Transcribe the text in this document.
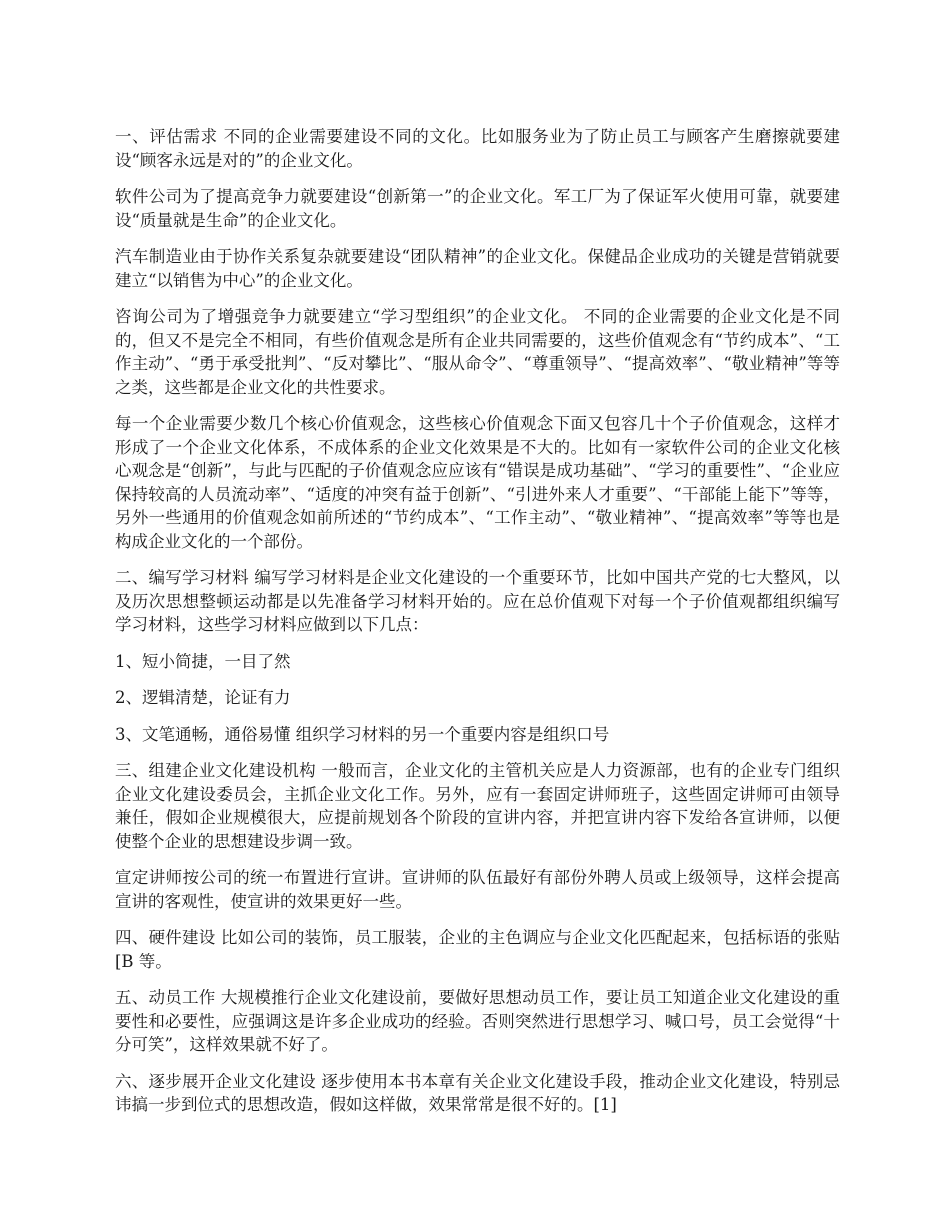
一、评估需求 不同的企业需要建设不同的文化。比如服务业为了防止员工与顾客产生磨擦就要建设“顾客永远是对的”的企业文化。

软件公司为了提高竞争力就要建设“创新第一”的企业文化。军工厂为了保证军火使用可靠，就要建设“质量就是生命”的企业文化。

汽车制造业由于协作关系复杂就要建设“团队精神”的企业文化。保健品企业成功的关键是营销就要建立“以销售为中心”的企业文化。

咨询公司为了增强竞争力就要建立“学习型组织”的企业文化。 不同的企业需要的企业文化是不同的，但又不是完全不相同，有些价值观念是所有企业共同需要的，这些价值观念有“节约成本”、“工作主动”、“勇于承受批判”、“反对攀比”、“服从命令”、“尊重领导”、“提高效率”、“敬业精神”等等之类，这些都是企业文化的共性要求。

每一个企业需要少数几个核心价值观念，这些核心价值观念下面又包容几十个子价值观念，这样才形成了一个企业文化体系，不成体系的企业文化效果是不大的。比如有一家软件公司的企业文化核心观念是“创新”，与此与匹配的子价值观念应应该有“错误是成功基础”、“学习的重要性”、“企业应保持较高的人员流动率”、“适度的冲突有益于创新”、“引进外来人才重要”、“干部能上能下”等等，另外一些通用的价值观念如前所述的“节约成本”、“工作主动”、“敬业精神”、“提高效率”等等也是构成企业文化的一个部份。

二、编写学习材料 编写学习材料是企业文化建设的一个重要环节，比如中国共产党的七大整风，以及历次思想整顿运动都是以先准备学习材料开始的。应在总价值观下对每一个子价值观都组织编写学习材料，这些学习材料应做到以下几点：

1、短小简捷，一目了然

2、逻辑清楚，论证有力

3、文笔通畅，通俗易懂 组织学习材料的另一个重要内容是组织口号

三、组建企业文化建设机构 一般而言，企业文化的主管机关应是人力资源部，也有的企业专门组织企业文化建设委员会，主抓企业文化工作。另外，应有一套固定讲师班子，这些固定讲师可由领导兼任，假如企业规模很大，应提前规划各个阶段的宣讲内容，并把宣讲内容下发给各宣讲师，以便使整个企业的思想建设步调一致。

宣定讲师按公司的统一布置进行宣讲。宣讲师的队伍最好有部份外聘人员或上级领导，这样会提高宣讲的客观性，使宣讲的效果更好一些。

四、硬件建设 比如公司的装饰，员工服装，企业的主色调应与企业文化匹配起来，包括标语的张贴[B 等。

五、动员工作 大规模推行企业文化建设前，要做好思想动员工作，要让员工知道企业文化建设的重要性和必要性，应强调这是许多企业成功的经验。否则突然进行思想学习、喊口号，员工会觉得“十分可笑”，这样效果就不好了。

六、逐步展开企业文化建设 逐步使用本书本章有关企业文化建设手段，推动企业文化建设，特别忌讳搞一步到位式的思想改造，假如这样做，效果常常是很不好的。[1]
